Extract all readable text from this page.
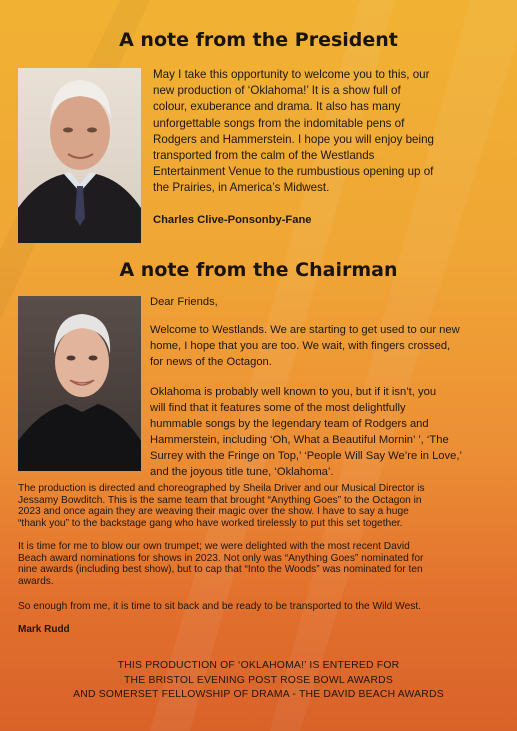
A note from the President
May I take this opportunity to welcome you to this, our
new production of ‘Oklahoma!’ It is a show full of
colour, exuberance and drama. It also has many
unforgettable songs from the indomitable pens of
Rodgers and Hammerstein. I hope you will enjoy being
transported from the calm of the Westlands
Entertainment Venue to the rumbustious opening up of
the Prairies, in America’s Midwest.

Charles Clive-Ponsonby-Fane

A note from the Chairman

Dear Friends,

Welcome to Westlands. We are starting to get used to our new
home, I hope that you are too. We wait, with fingers crossed,
for news of the Octagon.
Oklahoma is probably well known to you, but if it isn’t, you
will find that it features some of the most delightfully
hummable songs by the legendary team of Rodgers and
Hammerstein, including ‘Oh, What a Beautiful Mornin’ ’, ‘The
Surrey with the Fringe on Top,’ ‘People Will Say We’re in Love,’
and the joyous title tune, ‘Oklahoma’.
The production is directed and choreographed by Sheila Driver and our Musical Director is
Jessamy Bowditch. This is the same team that brought “Anything Goes” to the Octagon in
2023 and once again they are weaving their magic over the show. I have to say a huge
“thank you” to the backstage gang who have worked tirelessly to put this set together.
It is time for me to blow our own trumpet; we were delighted with the most recent David
Beach award nominations for shows in 2023. Not only was “Anything Goes” nominated for
nine awards (including best show), but to cap that “Into the Woods” was nominated for ten
awards.

So enough from me, it is time to sit back and be ready to be transported to the Wild West.

Mark Rudd

THIS PRODUCTION OF ‘OKLAHOMA!’ IS ENTERED FOR
THE BRISTOL EVENING POST ROSE BOWL AWARDS
AND SOMERSET FELLOWSHIP OF DRAMA - THE DAVID BEACH AWARDS
